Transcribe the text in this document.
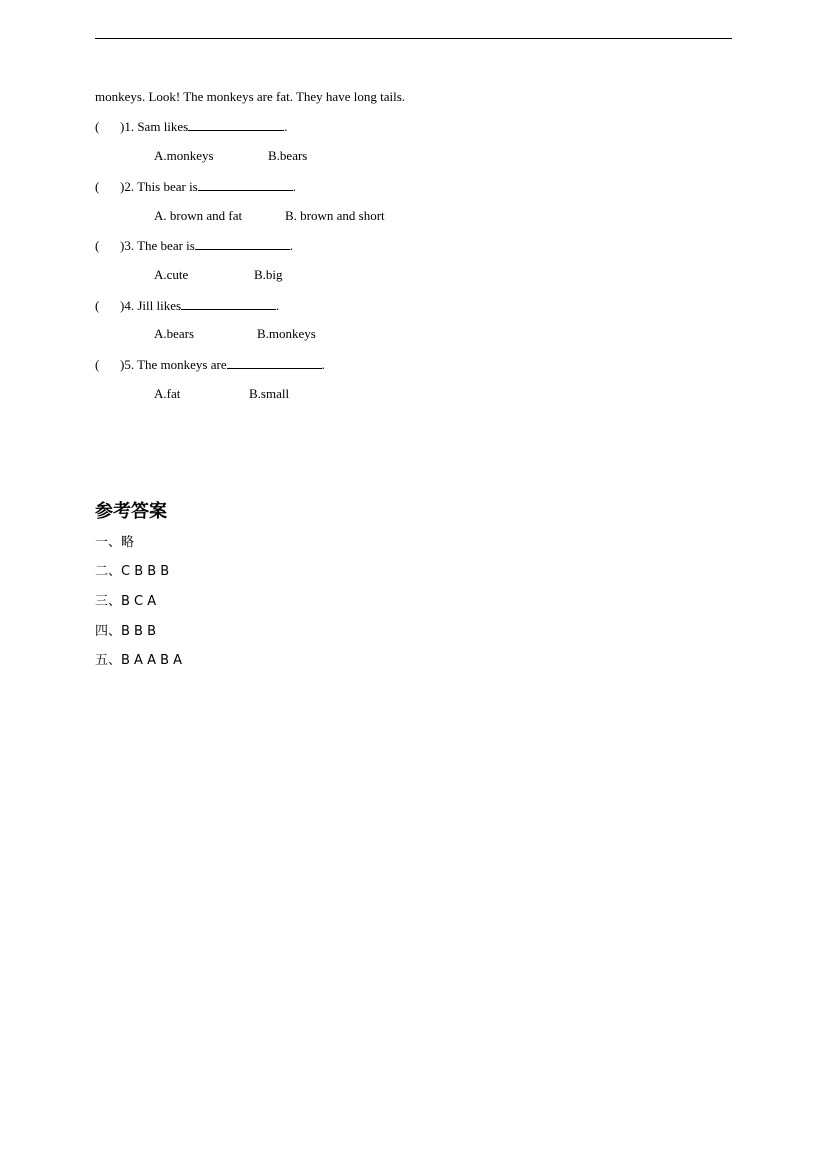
monkeys. Look! The monkeys are fat. They have long tails.
( )1. Sam likes	.
A.monkeys	B.bears
( )2. This bear is	.
A. brown and fat	B. brown and short
( )3. The bear is	.
A.cute	B.big
( )4. Jill likes	.
A.bears	B.monkeys
( )5. The monkeys are	.
A.fat	B.small
参考答案
一、略
二、C B B B
三、B C A
四、B B B
五、B A A B A
